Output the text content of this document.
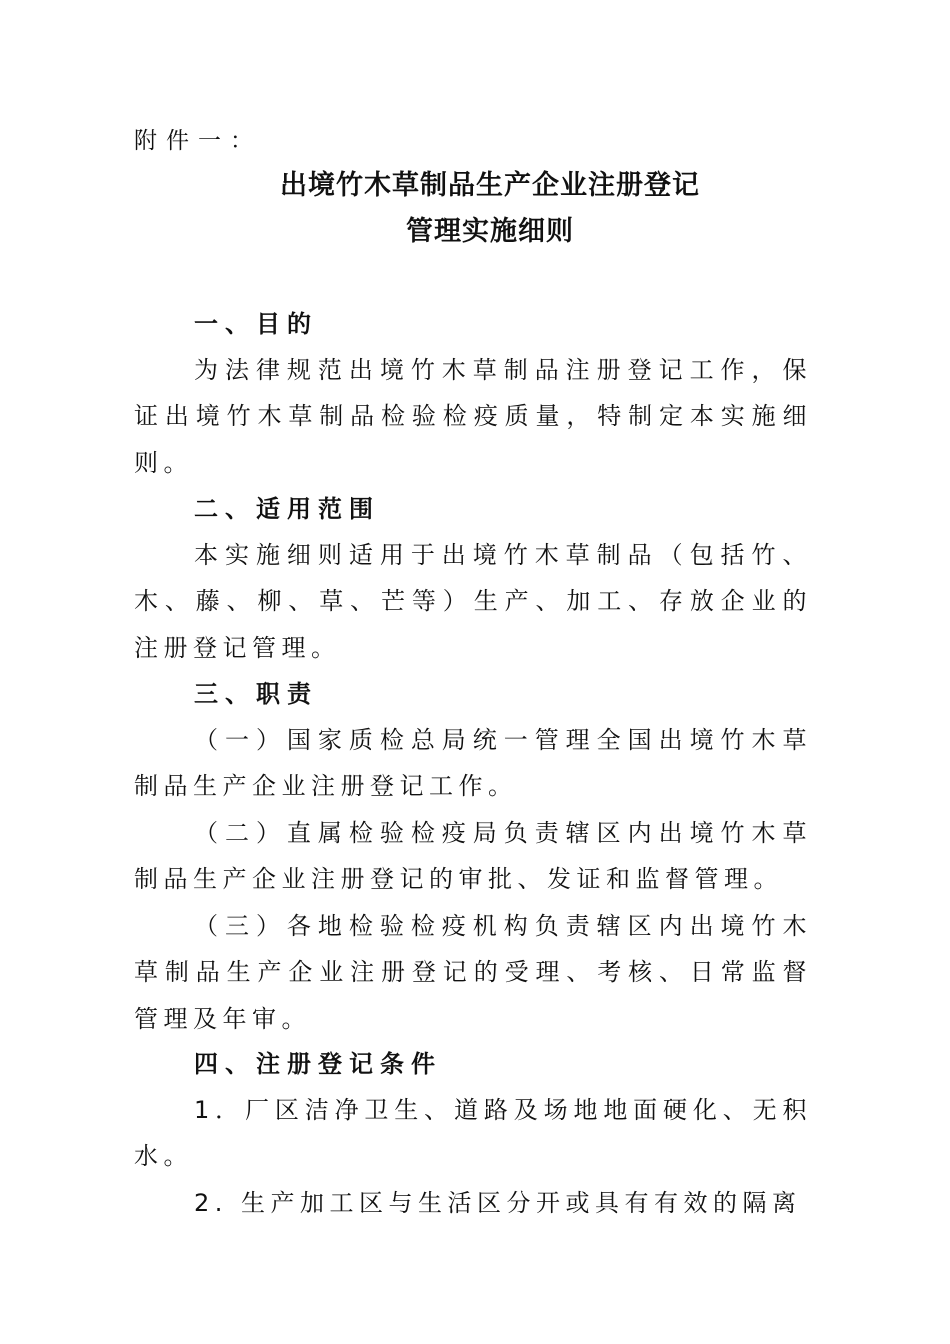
附件一：
出境竹木草制品生产企业注册登记
管理实施细则
一、目的

为法律规范出境竹木草制品注册登记工作，保证出境竹木草制品检验检疫质量，特制定本实施细则。

二、适用范围

本实施细则适用于出境竹木草制品（包括竹、木、藤、柳、草、芒等）生产、加工、存放企业的注册登记管理。

三、职责

（一）国家质检总局统一管理全国出境竹木草制品生产企业注册登记工作。

（二）直属检验检疫局负责辖区内出境竹木草制品生产企业注册登记的审批、发证和监督管理。

（三）各地检验检疫机构负责辖区内出境竹木草制品生产企业注册登记的受理、考核、日常监督管理及年审。

四、注册登记条件

1．厂区洁净卫生、道路及场地地面硬化、无积水。

2. 生产加工区与生活区分开或具有有效的隔离
